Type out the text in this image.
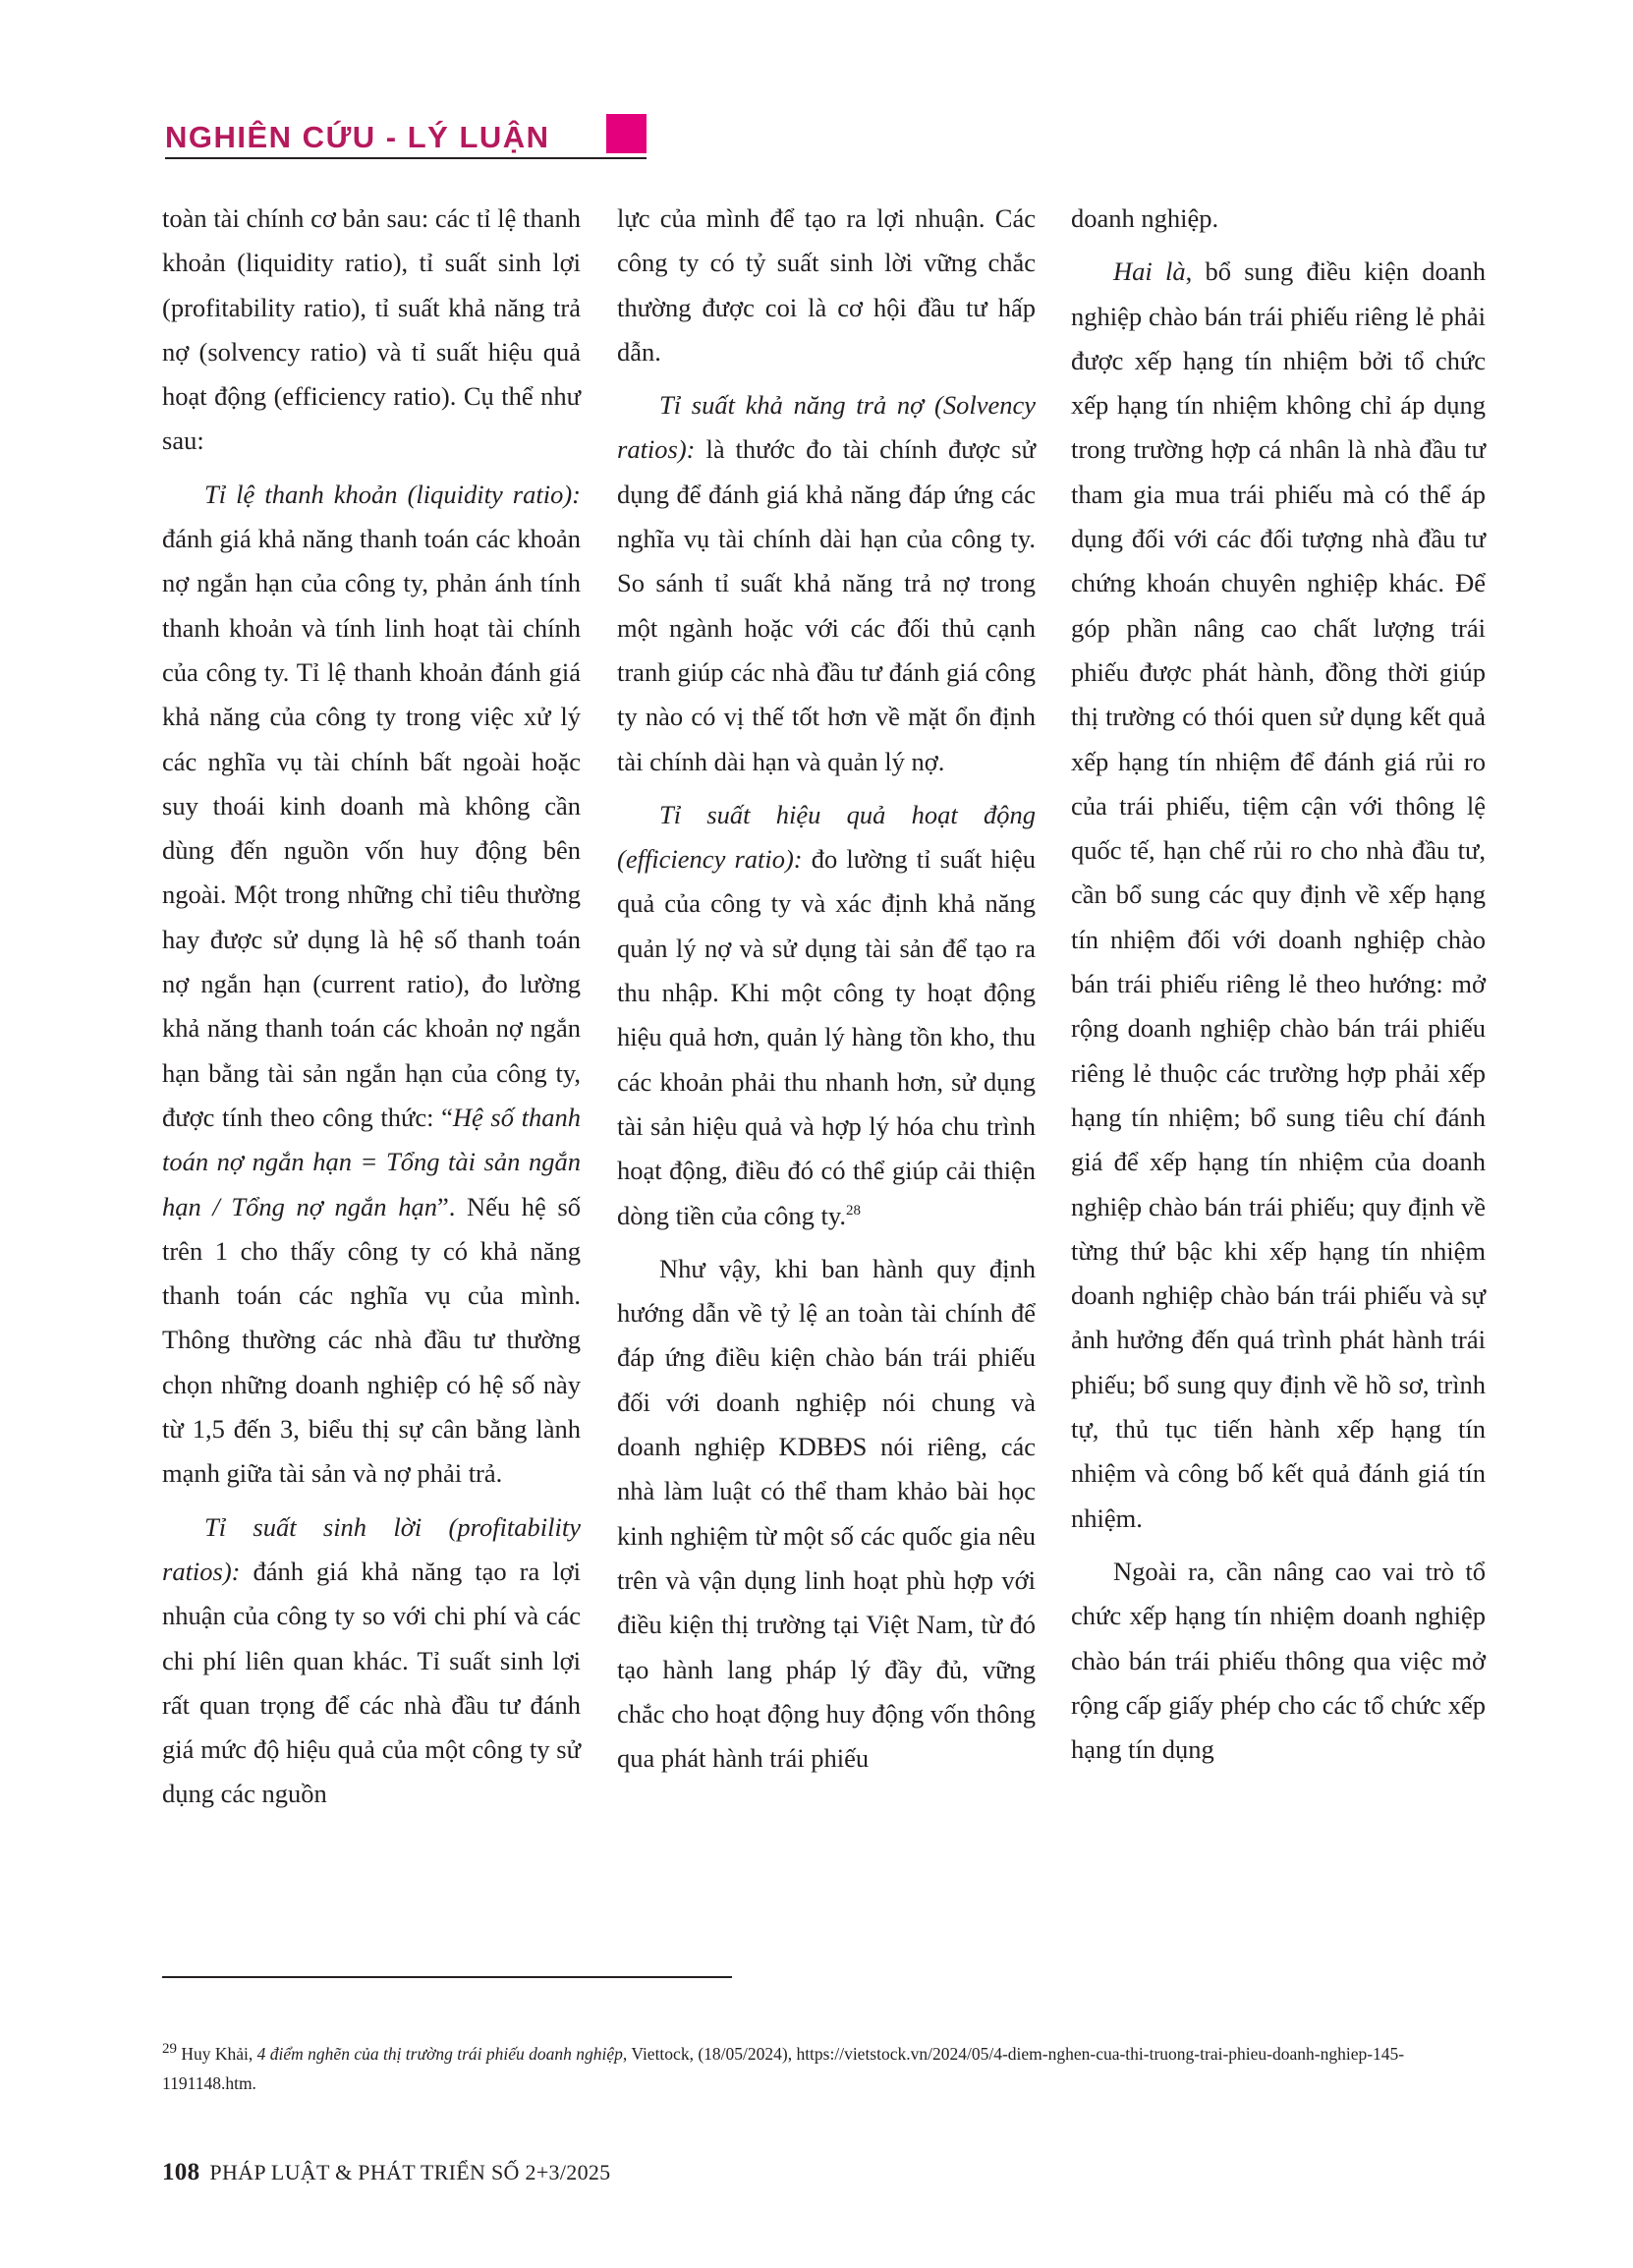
NGHIÊN CỨU - LÝ LUẬN

toàn tài chính cơ bản sau: các tỉ lệ thanh khoản (liquidity ratio), tỉ suất sinh lợi (profitability ratio), tỉ suất khả năng trả nợ (solvency ratio) và tỉ suất hiệu quả hoạt động (efficiency ratio). Cụ thể như sau:

Tỉ lệ thanh khoản (liquidity ratio): đánh giá khả năng thanh toán các khoản nợ ngắn hạn của công ty, phản ánh tính thanh khoản và tính linh hoạt tài chính của công ty. Tỉ lệ thanh khoản đánh giá khả năng của công ty trong việc xử lý các nghĩa vụ tài chính bất ngoài hoặc suy thoái kinh doanh mà không cần dùng đến nguồn vốn huy động bên ngoài. Một trong những chỉ tiêu thường hay được sử dụng là hệ số thanh toán nợ ngắn hạn (current ratio), đo lường khả năng thanh toán các khoản nợ ngắn hạn bằng tài sản ngắn hạn của công ty, được tính theo công thức: “Hệ số thanh toán nợ ngắn hạn = Tổng tài sản ngắn hạn / Tổng nợ ngắn hạn”. Nếu hệ số trên 1 cho thấy công ty có khả năng thanh toán các nghĩa vụ của mình. Thông thường các nhà đầu tư thường chọn những doanh nghiệp có hệ số này từ 1,5 đến 3, biểu thị sự cân bằng lành mạnh giữa tài sản và nợ phải trả.

Tỉ suất sinh lời (profitability ratios): đánh giá khả năng tạo ra lợi nhuận của công ty so với chi phí và các chi phí liên quan khác. Tỉ suất sinh lợi rất quan trọng để các nhà đầu tư đánh giá mức độ hiệu quả của một công ty sử dụng các nguồn

lực của mình để tạo ra lợi nhuận. Các công ty có tỷ suất sinh lời vững chắc thường được coi là cơ hội đầu tư hấp dẫn.

Tỉ suất khả năng trả nợ (Solvency ratios): là thước đo tài chính được sử dụng để đánh giá khả năng đáp ứng các nghĩa vụ tài chính dài hạn của công ty. So sánh tỉ suất khả năng trả nợ trong một ngành hoặc với các đối thủ cạnh tranh giúp các nhà đầu tư đánh giá công ty nào có vị thế tốt hơn về mặt ổn định tài chính dài hạn và quản lý nợ.

Tỉ suất hiệu quả hoạt động (efficiency ratio): đo lường tỉ suất hiệu quả của công ty và xác định khả năng quản lý nợ và sử dụng tài sản để tạo ra thu nhập. Khi một công ty hoạt động hiệu quả hơn, quản lý hàng tồn kho, thu các khoản phải thu nhanh hơn, sử dụng tài sản hiệu quả và hợp lý hóa chu trình hoạt động, điều đó có thể giúp cải thiện dòng tiền của công ty.$^{28}$

Như vậy, khi ban hành quy định hướng dẫn về tỷ lệ an toàn tài chính để đáp ứng điều kiện chào bán trái phiếu đối với doanh nghiệp nói chung và doanh nghiệp KDBĐS nói riêng, các nhà làm luật có thể tham khảo bài học kinh nghiệm từ một số các quốc gia nêu trên và vận dụng linh hoạt phù hợp với điều kiện thị trường tại Việt Nam, từ đó tạo hành lang pháp lý đầy đủ, vững chắc cho hoạt động huy động vốn thông qua phát hành trái phiếu

doanh nghiệp.

Hai là, bổ sung điều kiện doanh nghiệp chào bán trái phiếu riêng lẻ phải được xếp hạng tín nhiệm bởi tổ chức xếp hạng tín nhiệm không chỉ áp dụng trong trường hợp cá nhân là nhà đầu tư tham gia mua trái phiếu mà có thể áp dụng đối với các đối tượng nhà đầu tư chứng khoán chuyên nghiệp khác. Để góp phần nâng cao chất lượng trái phiếu được phát hành, đồng thời giúp thị trường có thói quen sử dụng kết quả xếp hạng tín nhiệm để đánh giá rủi ro của trái phiếu, tiệm cận với thông lệ quốc tế, hạn chế rủi ro cho nhà đầu tư, cần bổ sung các quy định về xếp hạng tín nhiệm đối với doanh nghiệp chào bán trái phiếu riêng lẻ theo hướng: mở rộng doanh nghiệp chào bán trái phiếu riêng lẻ thuộc các trường hợp phải xếp hạng tín nhiệm; bổ sung tiêu chí đánh giá để xếp hạng tín nhiệm của doanh nghiệp chào bán trái phiếu; quy định về từng thứ bậc khi xếp hạng tín nhiệm doanh nghiệp chào bán trái phiếu và sự ảnh hưởng đến quá trình phát hành trái phiếu; bổ sung quy định về hồ sơ, trình tự, thủ tục tiến hành xếp hạng tín nhiệm và công bố kết quả đánh giá tín nhiệm.

Ngoài ra, cần nâng cao vai trò tổ chức xếp hạng tín nhiệm doanh nghiệp chào bán trái phiếu thông qua việc mở rộng cấp giấy phép cho các tổ chức xếp hạng tín dụng

29 Huy Khải, 4 điểm nghẽn của thị trường trái phiếu doanh nghiệp, Viettock, (18/05/2024), https://vietstock.vn/2024/05/4-diem-nghen-cua-thi-truong-trai-phieu-doanh-nghiep-145-1191148.htm.
108 PHÁP LUẬT & PHÁT TRIỂN SỐ 2+3/2025
